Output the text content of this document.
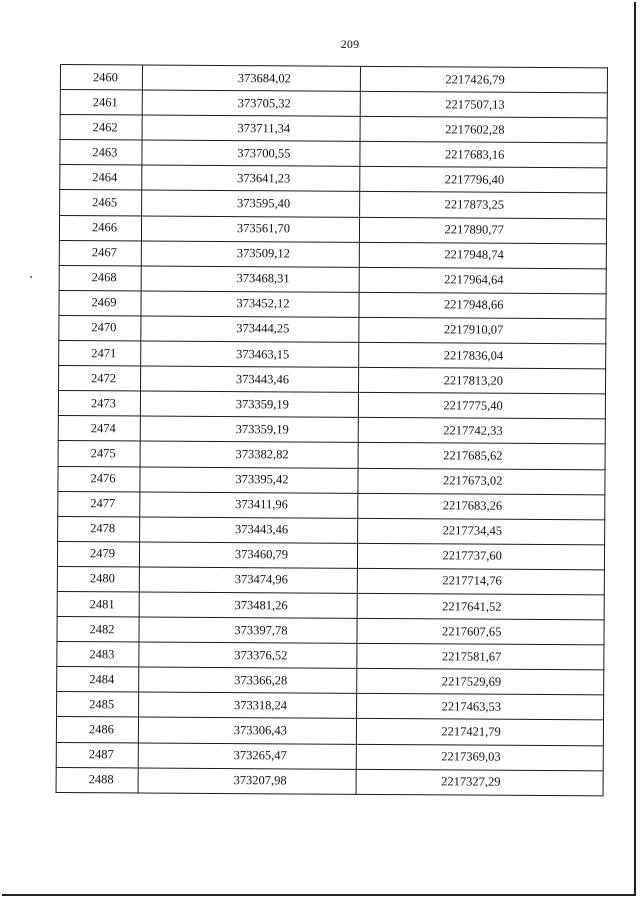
209
2460	373684,02	2217426,79
2461	373705,32	2217507,13
2462	373711,34	2217602,28
2463	373700,55	2217683,16
2464	373641,23	2217796,40
2465	373595,40	2217873,25
2466	373561,70	2217890,77
2467	373509,12	2217948,74
2468	373468,31	2217964,64
2469	373452,12	2217948,66
2470	373444,25	2217910,07
2471	373463,15	2217836,04
2472	373443,46	2217813,20
2473	373359,19	2217775,40
2474	373359,19	2217742,33
2475	373382,82	2217685,62
2476	373395,42	2217673,02
2477	373411,96	2217683,26
2478	373443,46	2217734,45
2479	373460,79	2217737,60
2480	373474,96	2217714,76
2481	373481,26	2217641,52
2482	373397,78	2217607,65
2483	373376,52	2217581,67
2484	373366,28	2217529,69
2485	373318,24	2217463,53
2486	373306,43	2217421,79
2487	373265,47	2217369,03
2488	373207,98	2217327,29
